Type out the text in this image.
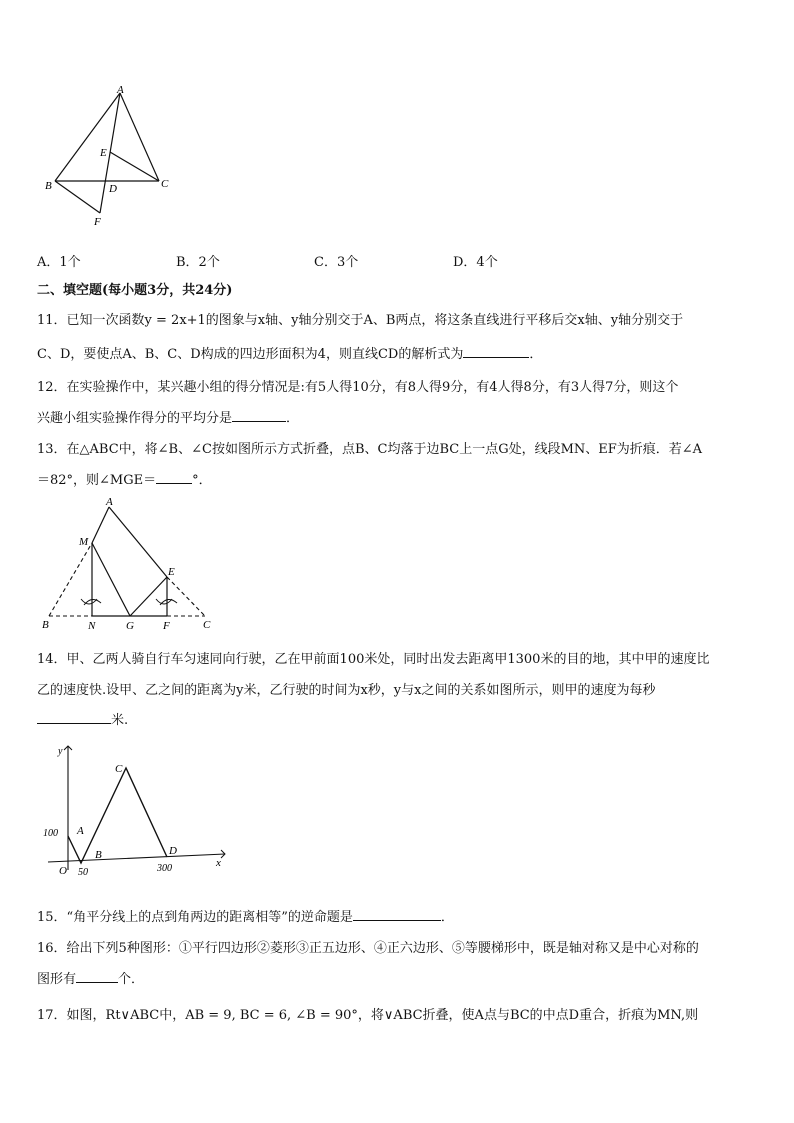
A
E
B	D	C
F
A．1个	B．2个	C．3个	D．4个
二、填空题(每小题3分，共24分)
11．已知一次函数y = 2x+1的图象与x轴、y轴分别交于A、B两点，将这条直线进行平移后交x轴、y轴分别交于
C、D，要使点A、B、C、D构成的四边形面积为4，则直线CD的解析式为	．
12．在实验操作中，某兴趣小组的得分情况是:有5人得10分，有8人得9分，有4人得8分，有3人得7分，则这个
兴趣小组实验操作得分的平均分是	．
13．在△ABC中，将∠B、∠C按如图所示方式折叠，点B、C均落于边BC上一点G处，线段MN、EF为折痕．若∠A
＝82°，则∠MGE＝	°．
A
M
E
B	N	G	F	C
14．甲、乙两人骑自行车匀速同向行驶，乙在甲前面100米处，同时出发去距离甲1300米的目的地，其中甲的速度比
乙的速度快.设甲、乙之间的距离为y米，乙行驶的时间为x秒，y与x之间的关系如图所示，则甲的速度为每秒
米.
y
x
O
A
B
C
D
100
50	300
15．“角平分线上的点到角两边的距离相等”的逆命题是	．
16．给出下列5种图形：①平行四边形②菱形③正五边形、④正六边形、⑤等腰梯形中，既是轴对称又是中心对称的
图形有	个．
17．如图，Rt∨ABC中，AB = 9, BC = 6, ∠B = 90°，将∨ABC折叠，使A点与BC的中点D重合，折痕为MN,则
